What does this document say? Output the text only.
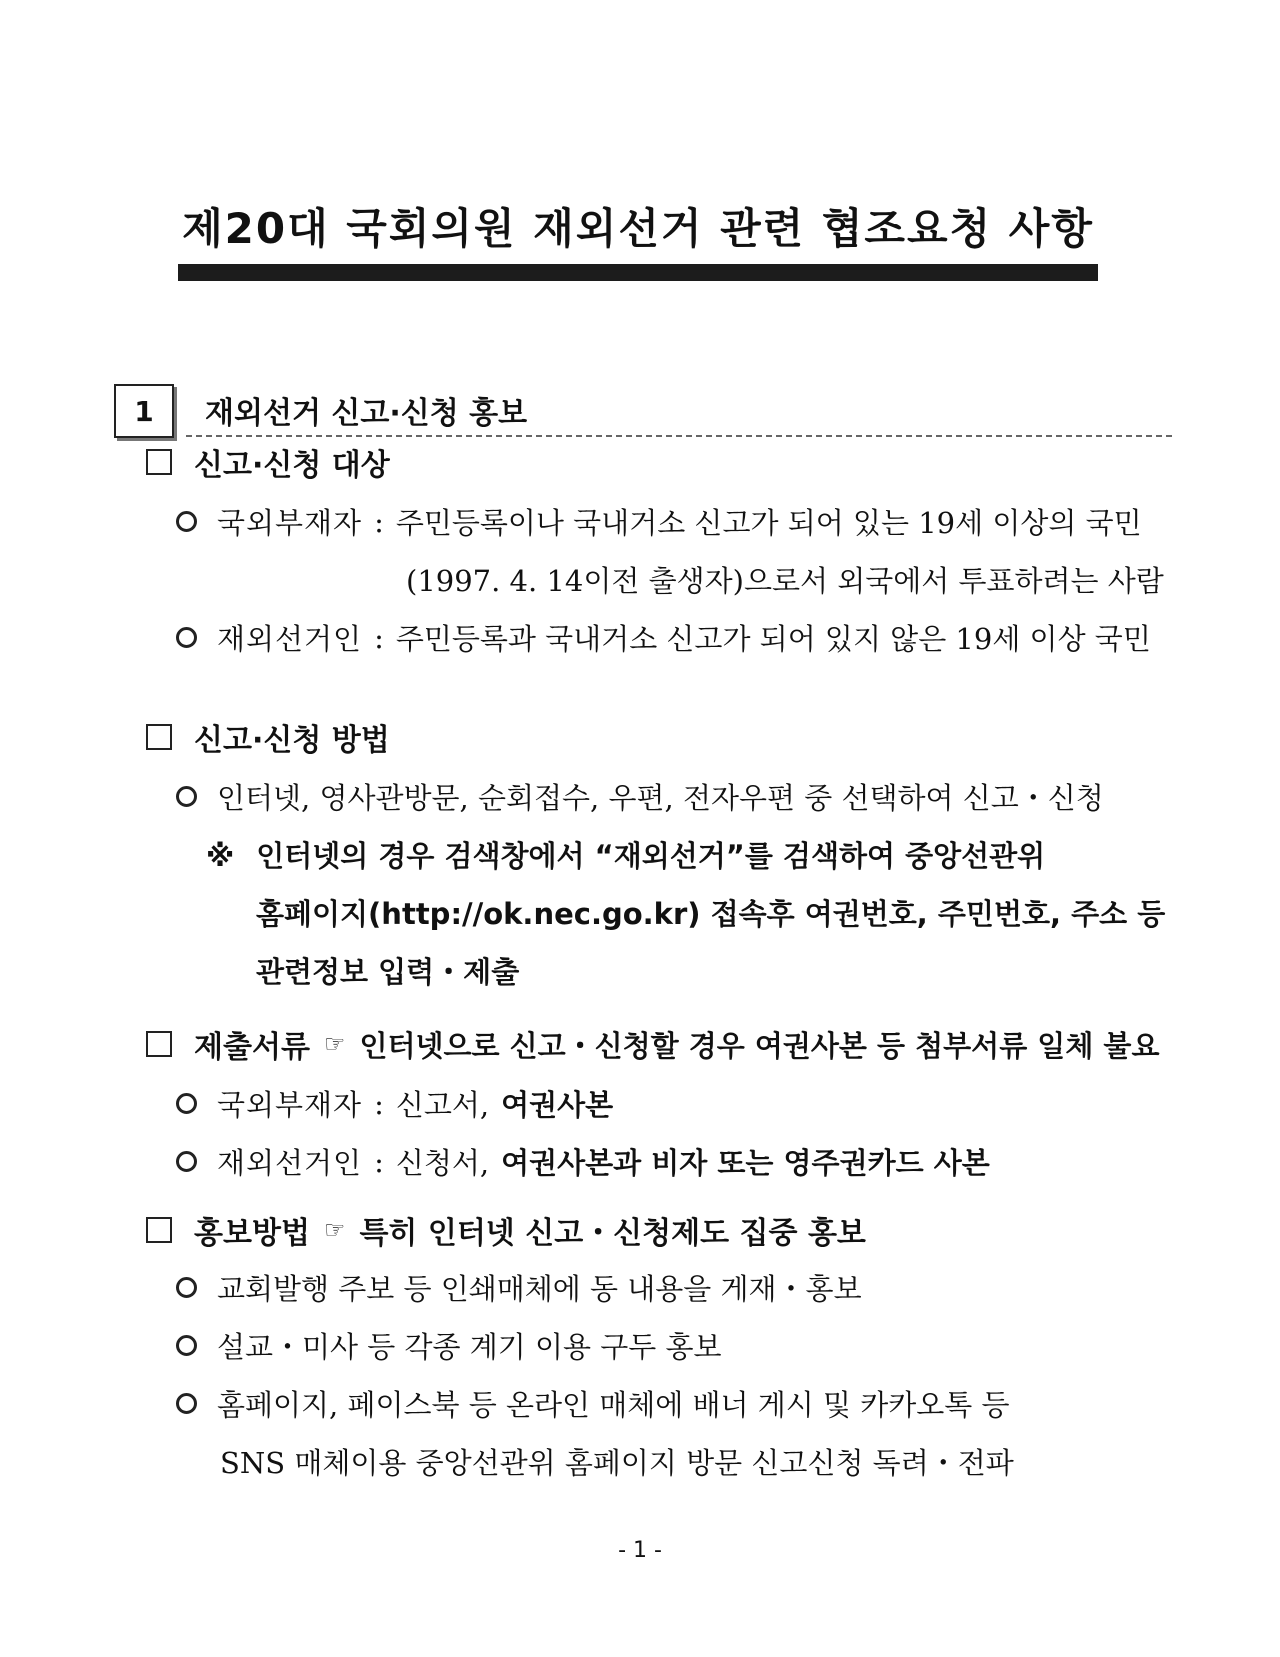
제20대 국회의원 재외선거 관련 협조요청 사항
1	재외선거 신고·신청 홍보
신고·신청 대상
국외부재자 : 주민등록이나 국내거소 신고가 되어 있는 19세 이상의 국민
(1997. 4. 14이전 출생자)으로서 외국에서 투표하려는 사람
재외선거인 : 주민등록과 국내거소 신고가 되어 있지 않은 19세 이상 국민
신고·신청 방법
인터넷, 영사관방문, 순회접수, 우편, 전자우편 중 선택하여 신고・신청
※ 인터넷의 경우 검색창에서 “재외선거”를 검색하여 중앙선관위
홈페이지(http://ok.nec.go.kr) 접속후 여권번호, 주민번호, 주소 등
관련정보 입력・제출
제출서류 ☞ 인터넷으로 신고・신청할 경우 여권사본 등 첨부서류 일체 불요
국외부재자 : 신고서, 여권사본
재외선거인 : 신청서, 여권사본과 비자 또는 영주권카드 사본
홍보방법 ☞ 특히 인터넷 신고・신청제도 집중 홍보
교회발행 주보 등 인쇄매체에 동 내용을 게재・홍보
설교・미사 등 각종 계기 이용 구두 홍보
홈페이지, 페이스북 등 온라인 매체에 배너 게시 및 카카오톡 등
SNS 매체이용 중앙선관위 홈페이지 방문 신고신청 독려・전파
- 1 -
